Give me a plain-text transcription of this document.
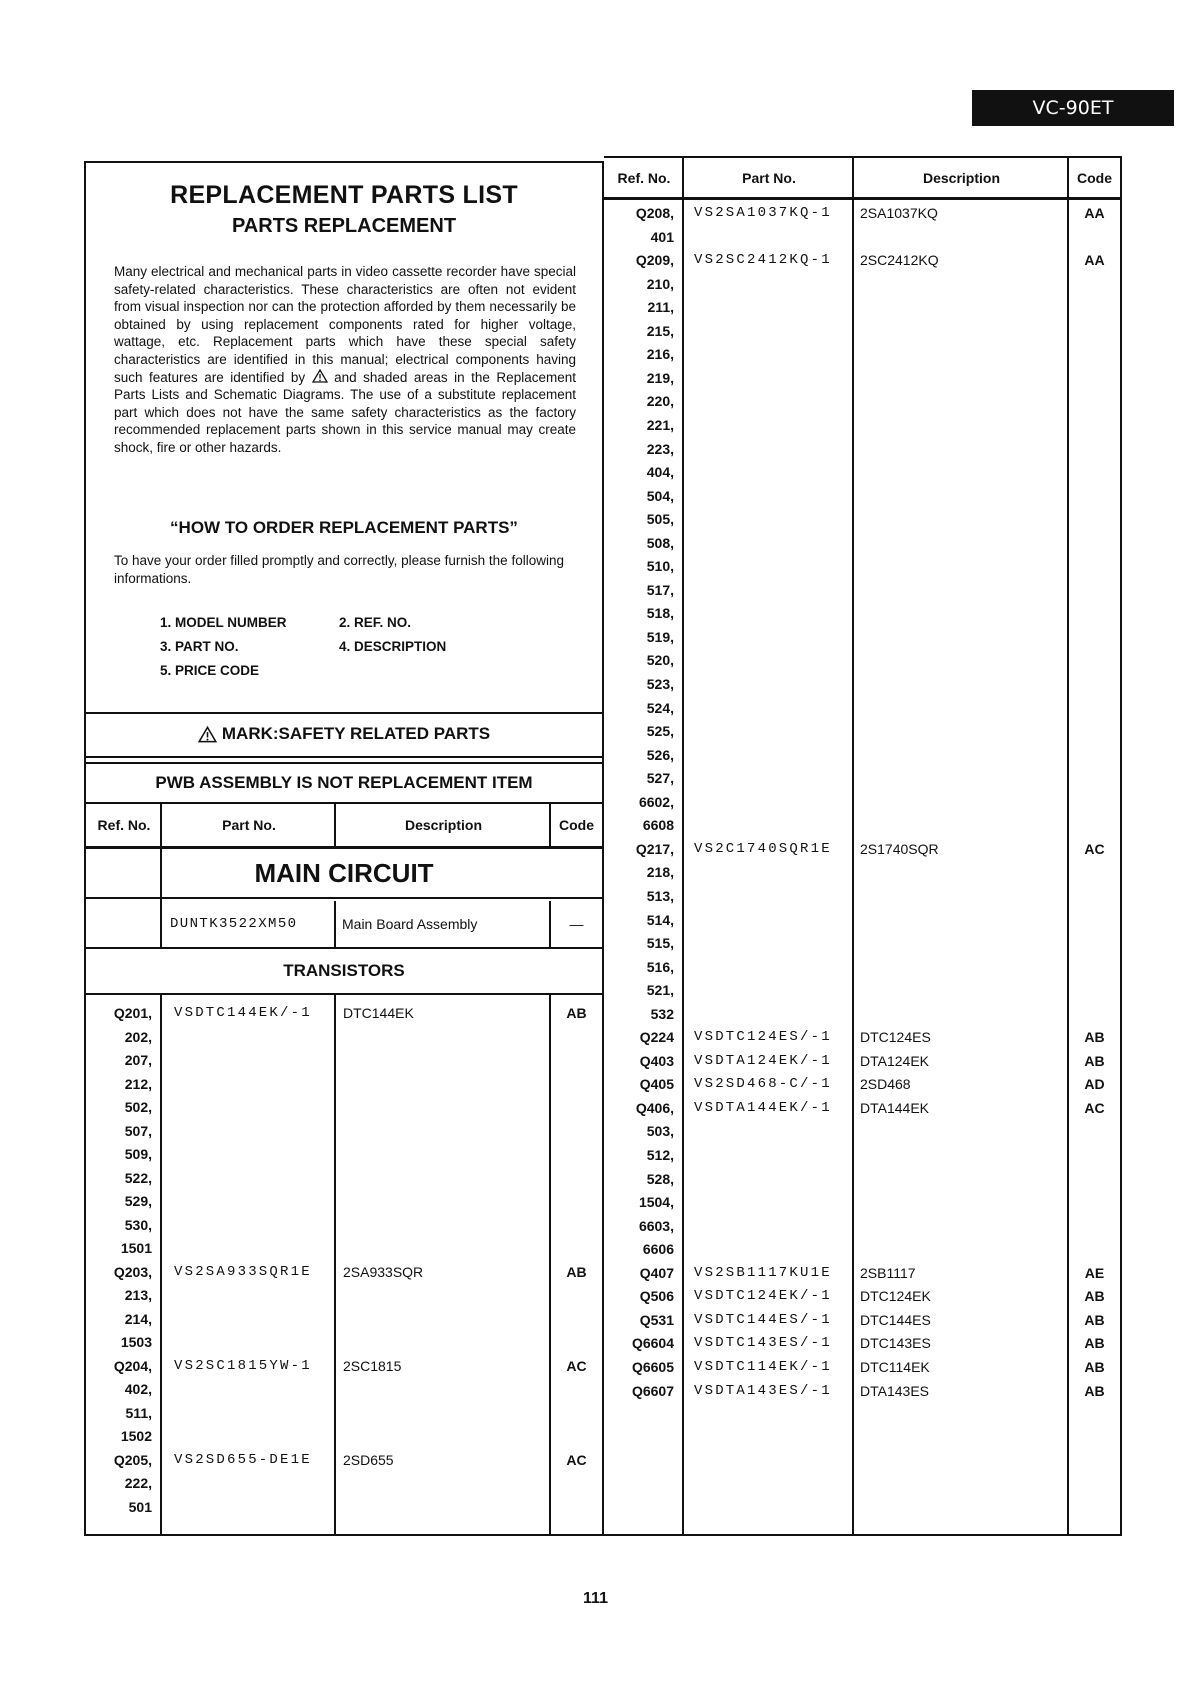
VC-90ET
REPLACEMENT PARTS LIST
PARTS REPLACEMENT
Many electrical and mechanical parts in video cassette recorder have special safety-related characteristics. These characteristics are often not evident from visual inspection nor can the protection afforded by them necessarily be obtained by using replacement components rated for higher voltage, wattage, etc. Replacement parts which have these special safety characteristics are identified in this manual; electrical components having such features are identified by and shaded areas in the Replacement Parts Lists and Schematic Diagrams. The use of a substitute replacement part which does not have the same safety characteristics as the factory recommended replacement parts shown in this service manual may create shock, fire or other hazards.
“HOW TO ORDER REPLACEMENT PARTS”
To have your order filled promptly and correctly, please furnish the following informations.
1. MODEL NUMBER	2. REF. NO.
3. PART NO.	4. DESCRIPTION
5. PRICE CODE
MARK:SAFETY RELATED PARTS
PWB ASSEMBLY IS NOT REPLACEMENT ITEM
Ref. No.	Part No.	Description	Code
MAIN CIRCUIT
DUNTK3522XM50	Main Board Assembly	—
TRANSISTORS
Q201, VSDTC144EK/-1	DTC144EK	AB
202,
207,
212,
502,
507,
509,
522,
529,
530,
1501
Q203, VS2SA933SQR1E	2SA933SQR	AB
213,
214,
1503
Q204, VS2SC1815YW-1	2SC1815	AC
402,
511,
1502
Q205, VS2SD655-DE1E	2SD655	AC
222,
501
Ref. No.	Part No.	Description	Code
Q208, VS2SA1037KQ-1	2SA1037KQ	AA
401
Q209, VS2SC2412KQ-1	2SC2412KQ	AA
210,
211,
215,
216,
219,
220,
221,
223,
404,
504,
505,
508,
510,
517,
518,
519,
520,
523,
524,
525,
526,
527,
6602,
6608
Q217, VS2C1740SQR1E	2S1740SQR	AC
218,
513,
514,
515,
516,
521,
532
Q224 VSDTC124ES/-1	DTC124ES	AB
Q403 VSDTA124EK/-1	DTA124EK	AB
Q405 VS2SD468-C/-1	2SD468	AD
Q406, VSDTA144EK/-1	DTA144EK	AC
503,
512,
528,
1504,
6603,
6606
Q407 VS2SB1117KU1E	2SB1117	AE
Q506 VSDTC124EK/-1	DTC124EK	AB
Q531 VSDTC144ES/-1	DTC144ES	AB
Q6604 VSDTC143ES/-1	DTC143ES	AB
Q6605 VSDTC114EK/-1	DTC114EK	AB
Q6607 VSDTA143ES/-1	DTA143ES	AB
111
